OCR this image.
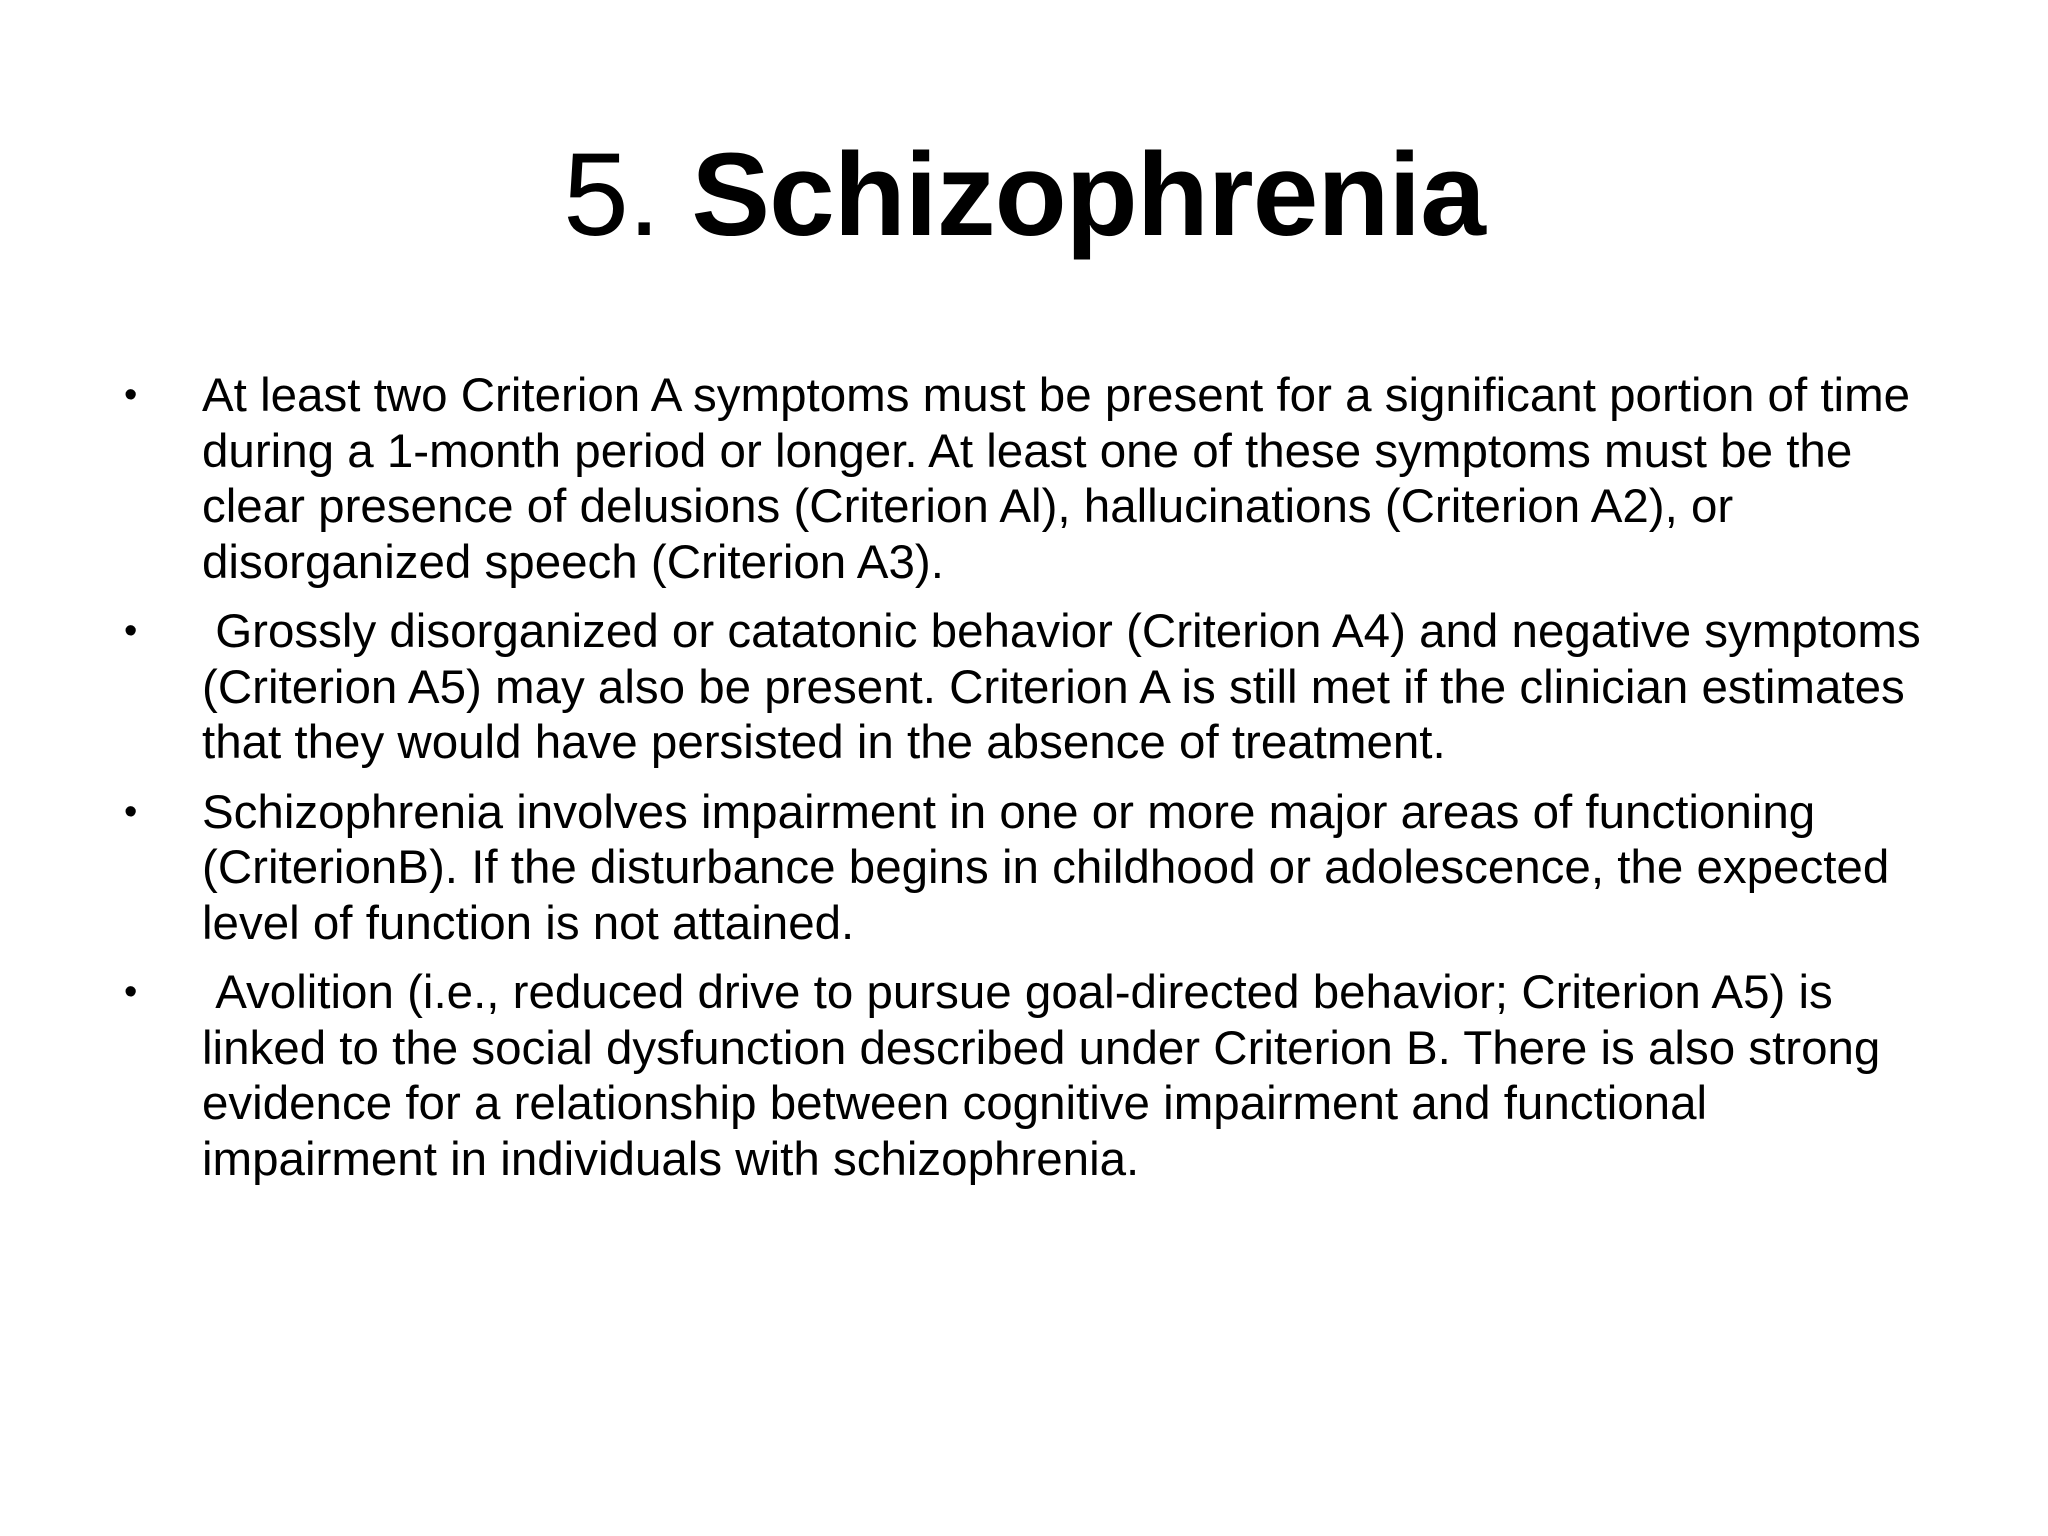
5. Schizophrenia
•	At least two Criterion A symptoms must be present for a significant portion of time during a 1-month period or longer. At least one of these symptoms must be the clear presence of delusions (Criterion Al), hallucinations (Criterion A2), or disorganized speech (Criterion A3).
•	Grossly disorganized or catatonic behavior (Criterion A4) and negative symptoms (Criterion A5) may also be present. Criterion A is still met if the clinician estimates that they would have persisted in the absence of treatment.
•	Schizophrenia involves impairment in one or more major areas of functioning (CriterionB). If the disturbance begins in childhood or adolescence, the expected level of function is not attained.
•	Avolition (i.e., reduced drive to pursue goal-directed behavior; Criterion A5) is linked to the social dysfunction described under Criterion B. There is also strong evidence for a relationship between cognitive impairment and functional impairment in individuals with schizophrenia.
